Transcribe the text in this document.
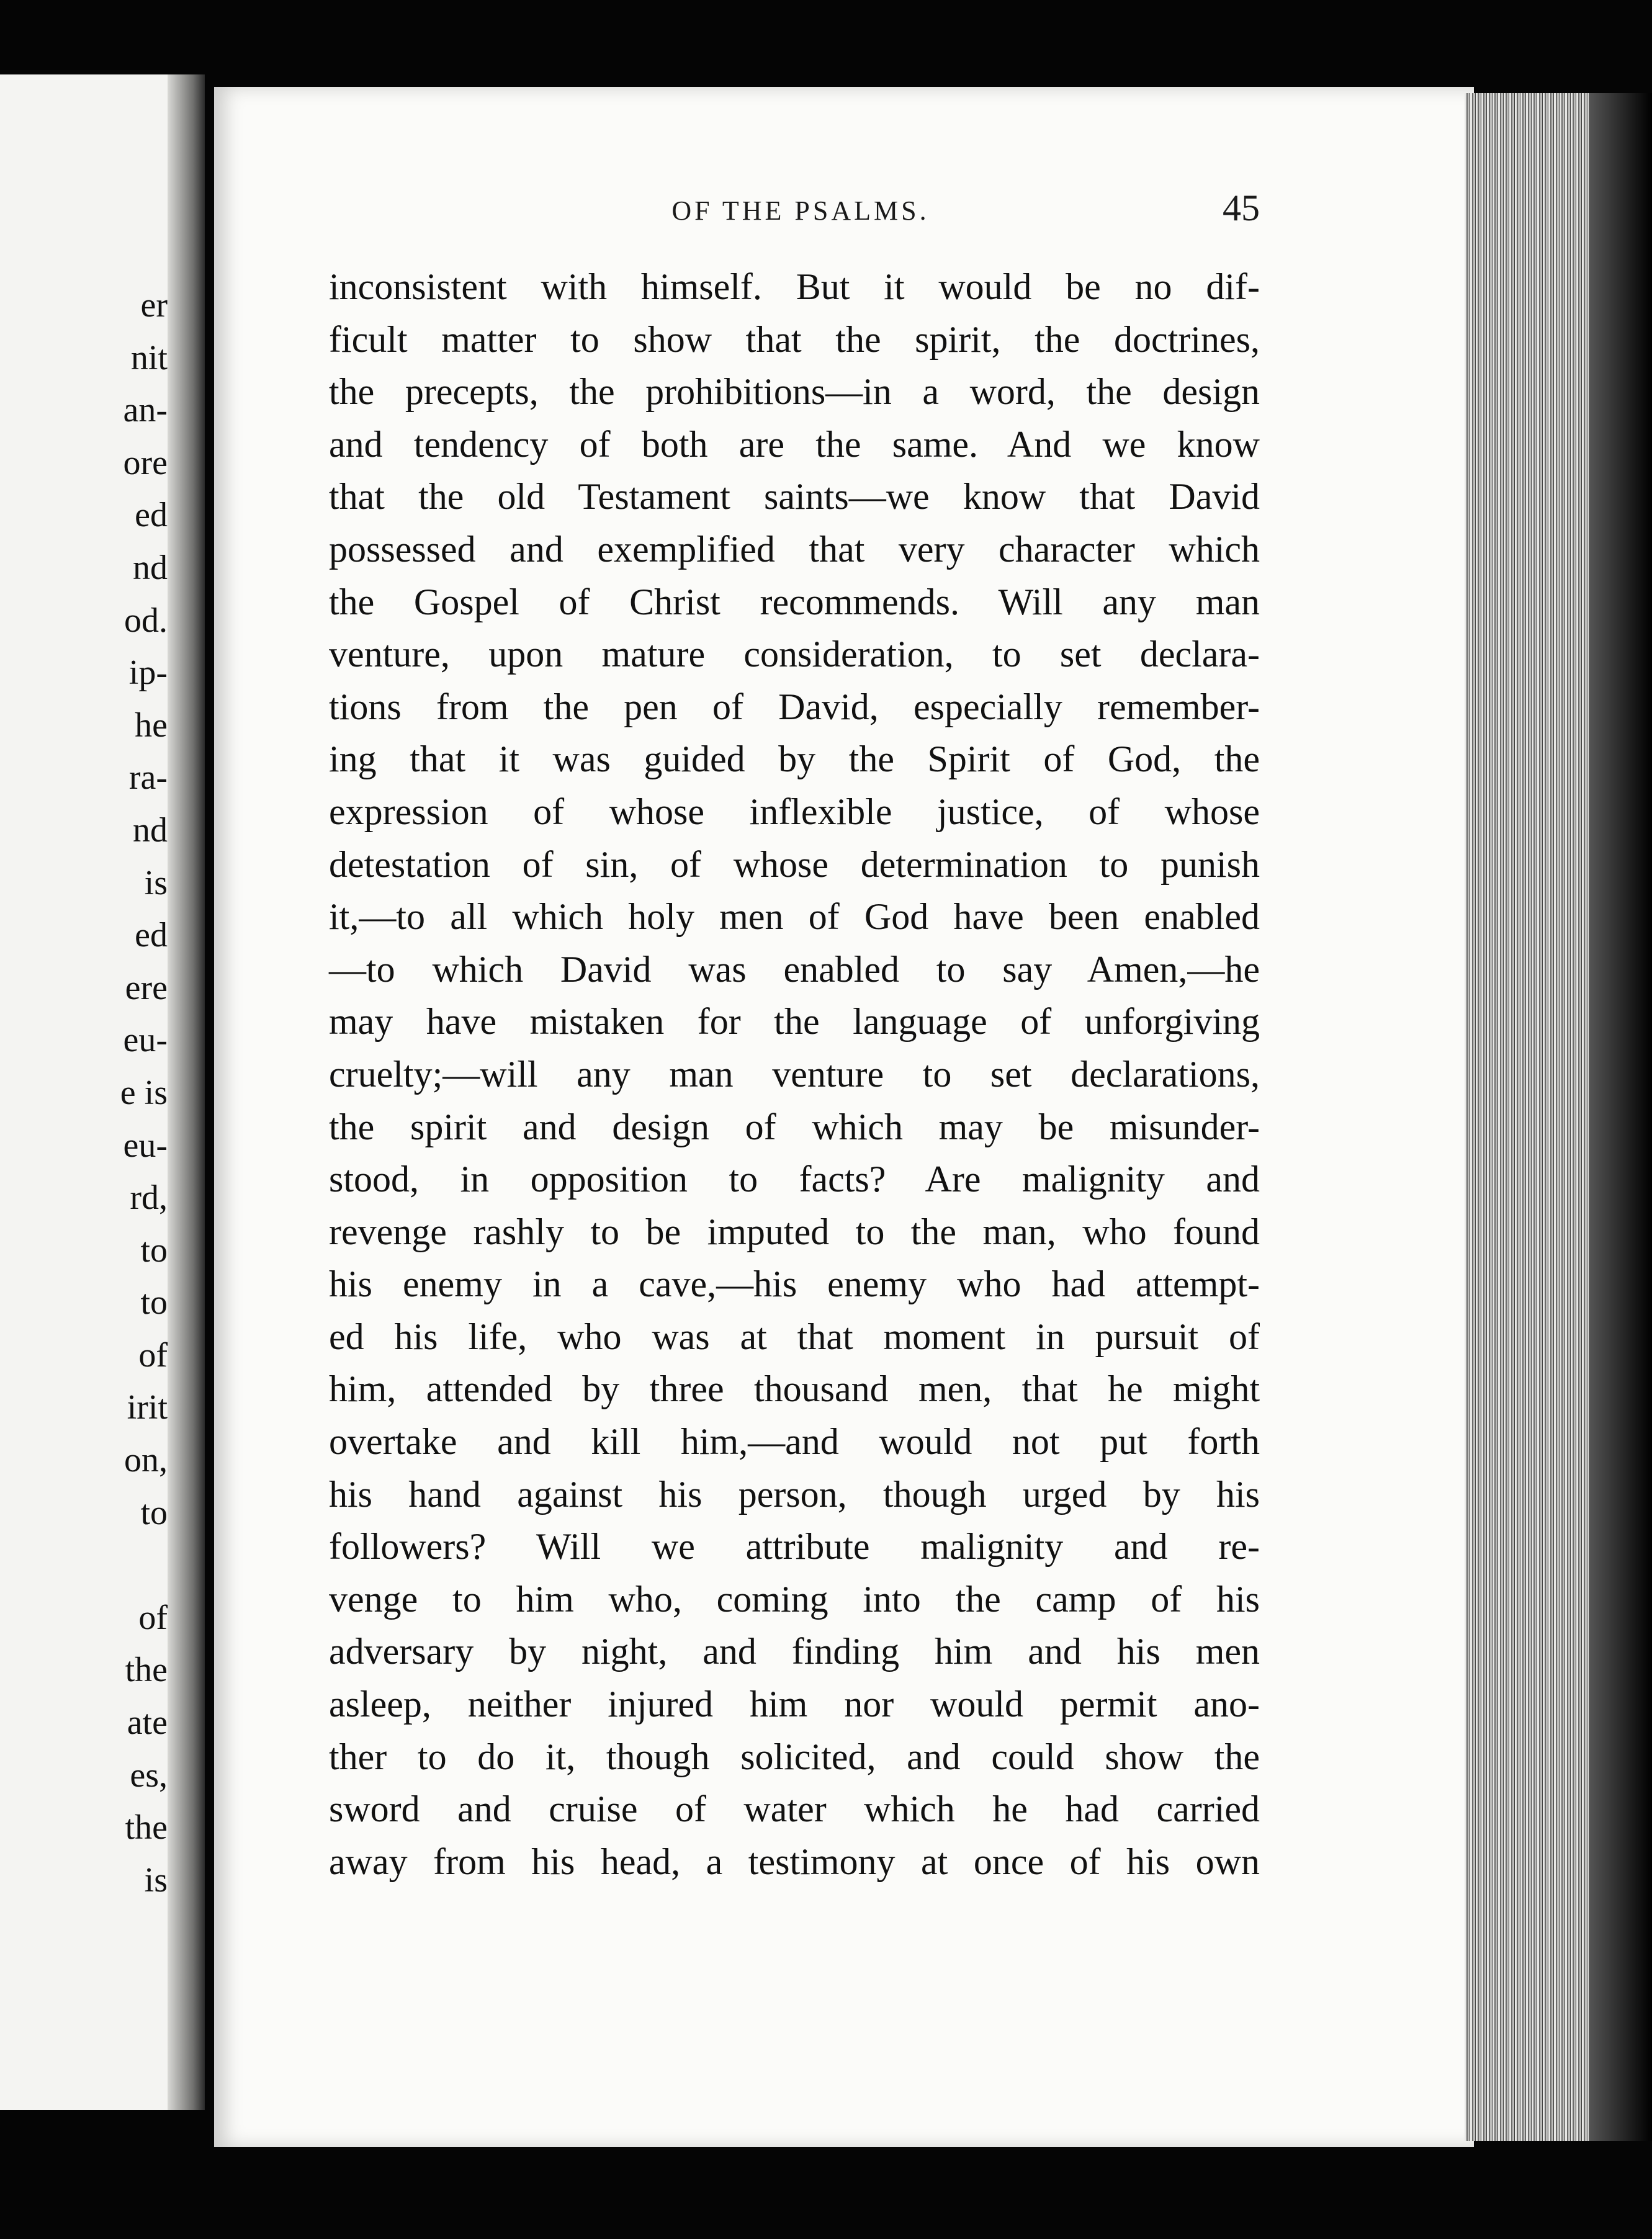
er
nit
an-
ore
ed
nd
od.
ip-
he
ra-
nd
is
ed
ere
eu-
e is
eu-
rd,
to
to
of
irit
on,
to
of
the
ate
es,
the
is
OF THE PSALMS.	45
inconsistent with himself. But it would be no dif-
ficult matter to show that the spirit, the doctrines,
the precepts, the prohibitions—in a word, the design
and tendency of both are the same. And we know
that the old Testament saints—we know that David
possessed and exemplified that very character which
the Gospel of Christ recommends. Will any man
venture, upon mature consideration, to set declara-
tions from the pen of David, especially remember-
ing that it was guided by the Spirit of God, the
expression of whose inflexible justice, of whose
detestation of sin, of whose determination to punish
it,—to all which holy men of God have been enabled
—to which David was enabled to say Amen,—he
may have mistaken for the language of unforgiving
cruelty;—will any man venture to set declarations,
the spirit and design of which may be misunder-
stood, in opposition to facts? Are malignity and
revenge rashly to be imputed to the man, who found
his enemy in a cave,—his enemy who had attempt-
ed his life, who was at that moment in pursuit of
him, attended by three thousand men, that he might
overtake and kill him,—and would not put forth
his hand against his person, though urged by his
followers? Will we attribute malignity and re-
venge to him who, coming into the camp of his
adversary by night, and finding him and his men
asleep, neither injured him nor would permit ano-
ther to do it, though solicited, and could show the
sword and cruise of water which he had carried
away from his head, a testimony at once of his own
